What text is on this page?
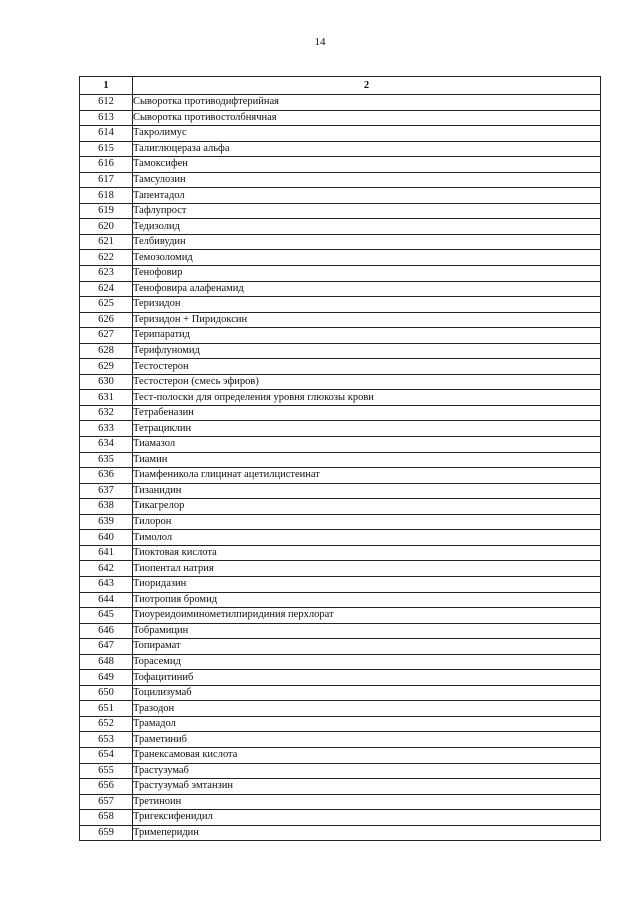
14
1	2
612	Сыворотка противодифтерийная
613	Сыворотка противостолбнячная
614	Такролимус
615	Талиглюцераза альфа
616	Тамоксифен
617	Тамсулозин
618	Тапентадол
619	Тафлупрост
620	Тедизолид
621	Телбивудин
622	Темозоломид
623	Тенофовир
624	Тенофовира алафенамид
625	Теризидон
626	Теризидон + Пиридоксин
627	Терипаратид
628	Терифлуномид
629	Тестостерон
630	Тестостерон (смесь эфиров)
631	Тест-полоски для определения уровня глюкозы крови
632	Тетрабеназин
633	Тетрациклин
634	Тиамазол
635	Тиамин
636	Тиамфеникола глицинат ацетилцистеинат
637	Тизанидин
638	Тикагрелор
639	Тилорон
640	Тимолол
641	Тиоктовая кислота
642	Тиопентал натрия
643	Тиоридазин
644	Тиотропия бромид
645	Тиоуреидоиминометилпиридиния перхлорат
646	Тобрамицин
647	Топирамат
648	Торасемид
649	Тофацитиниб
650	Тоцилизумаб
651	Тразодон
652	Трамадол
653	Траметиниб
654	Транексамовая кислота
655	Трастузумаб
656	Трастузумаб эмтанзин
657	Третиноин
658	Тригексифенидил
659	Тримеперидин
